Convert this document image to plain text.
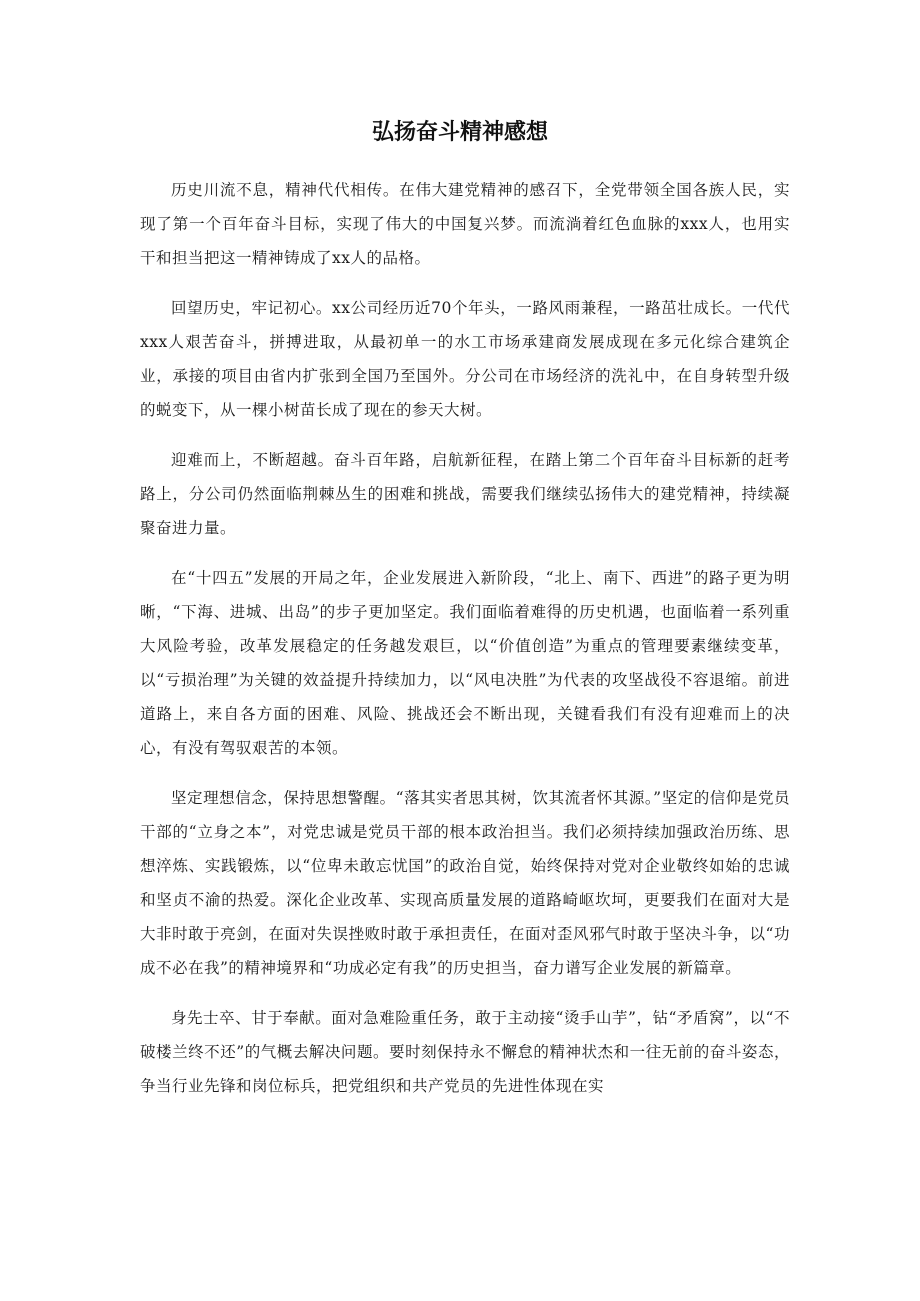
弘扬奋斗精神感想

历史川流不息，精神代代相传。在伟大建党精神的感召下，全党带领全国各族人民，实现了第一个百年奋斗目标，实现了伟大的中国复兴梦。而流淌着红色血脉的xxx人，也用实干和担当把这一精神铸成了xx人的品格。

回望历史，牢记初心。xx公司经历近70个年头，一路风雨兼程，一路茁壮成长。一代代xxx人艰苦奋斗，拼搏进取，从最初单一的水工市场承建商发展成现在多元化综合建筑企业，承接的项目由省内扩张到全国乃至国外。分公司在市场经济的洗礼中，在自身转型升级的蜕变下，从一棵小树苗长成了现在的参天大树。

迎难而上，不断超越。奋斗百年路，启航新征程，在踏上第二个百年奋斗目标新的赶考路上，分公司仍然面临荆棘丛生的困难和挑战，需要我们继续弘扬伟大的建党精神，持续凝聚奋进力量。

在“十四五”发展的开局之年，企业发展进入新阶段，“北上、南下、西进”的路子更为明晰，“下海、进城、出岛”的步子更加坚定。我们面临着难得的历史机遇，也面临着一系列重大风险考验，改革发展稳定的任务越发艰巨，以“价值创造”为重点的管理要素继续变革，以“亏损治理”为关键的效益提升持续加力，以“风电决胜”为代表的攻坚战役不容退缩。前进道路上，来自各方面的困难、风险、挑战还会不断出现，关键看我们有没有迎难而上的决心，有没有驾驭艰苦的本领。

坚定理想信念，保持思想警醒。“落其实者思其树，饮其流者怀其源。”坚定的信仰是党员干部的“立身之本”，对党忠诚是党员干部的根本政治担当。我们必须持续加强政治历练、思想淬炼、实践锻炼，以“位卑未敢忘忧国”的政治自觉，始终保持对党对企业敬终如始的忠诚和坚贞不渝的热爱。深化企业改革、实现高质量发展的道路崎岖坎坷，更要我们在面对大是大非时敢于亮剑，在面对失误挫败时敢于承担责任，在面对歪风邪气时敢于坚决斗争，以“功成不必在我”的精神境界和“功成必定有我”的历史担当，奋力谱写企业发展的新篇章。

身先士卒、甘于奉献。面对急难险重任务，敢于主动接“烫手山芋”，钻“矛盾窝”，以“不破楼兰终不还”的气概去解决问题。要时刻保持永不懈怠的精神状杰和一往无前的奋斗姿态，争当行业先锋和岗位标兵，把党组织和共产党员的先进性体现在实
